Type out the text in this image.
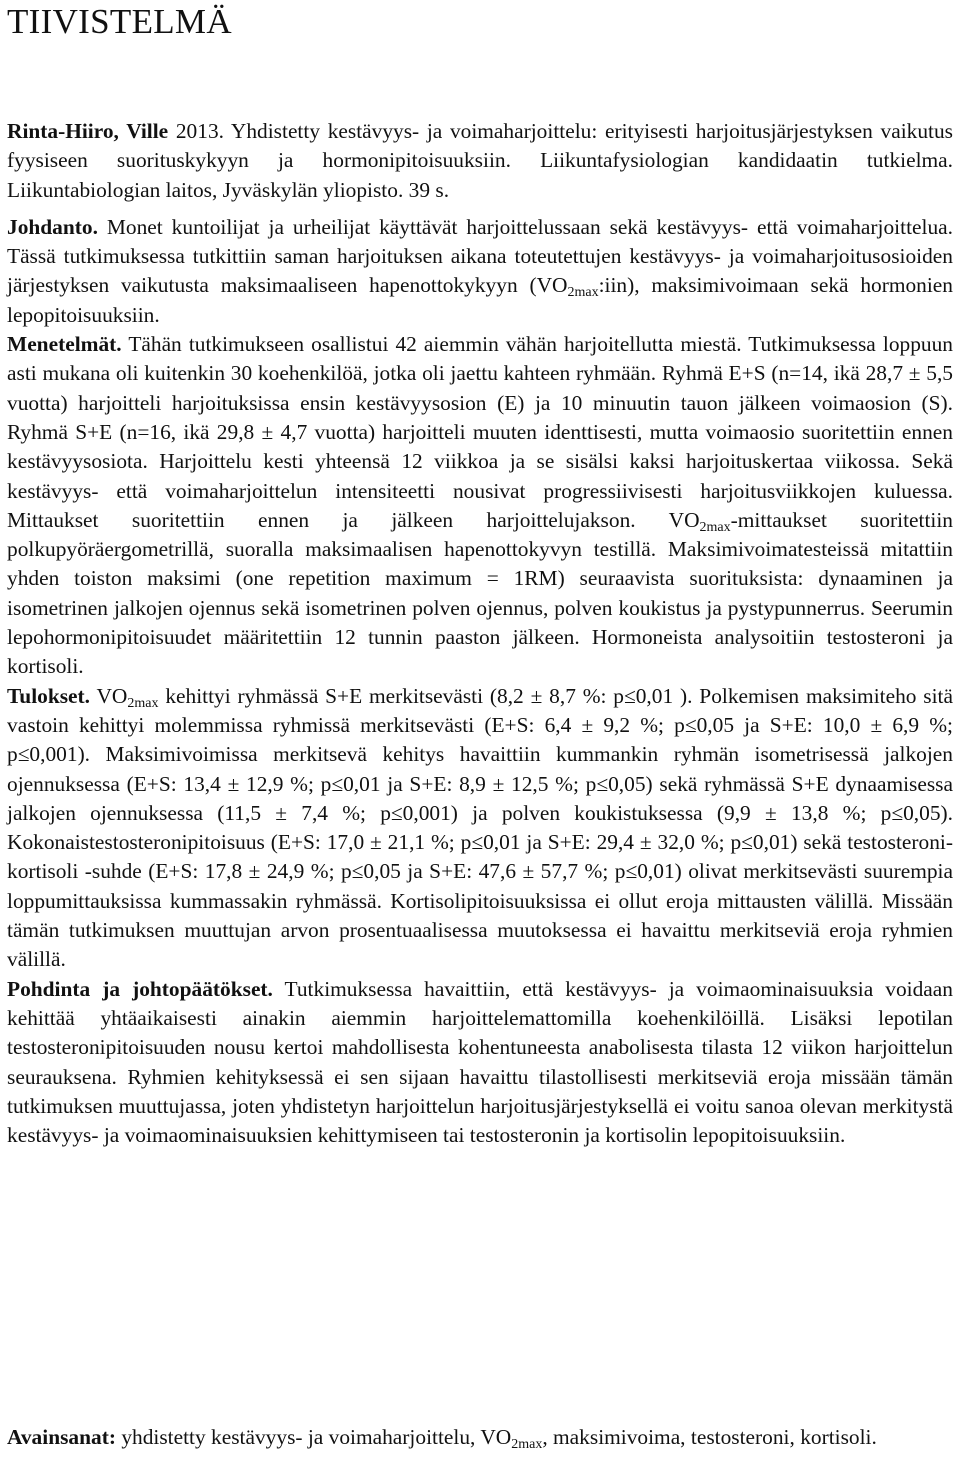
TIIVISTELMÄ

Rinta-Hiiro, Ville 2013. Yhdistetty kestävyys- ja voimaharjoittelu: erityisesti harjoitusjärjestyksen vaikutus fyysiseen suorituskykyyn ja hormonipitoisuuksiin. Liikuntafysiologian kandidaatin tutkielma. Liikuntabiologian laitos, Jyväskylän yliopisto. 39 s.

Johdanto. Monet kuntoilijat ja urheilijat käyttävät harjoittelussaan sekä kestävyys- että voimaharjoittelua. Tässä tutkimuksessa tutkittiin saman harjoituksen aikana toteutettujen kestävyys- ja voimaharjoitusosioiden järjestyksen vaikutusta maksimaaliseen hapenottokykyyn $(VO_{2max}:iin)$, maksimivoimaan sekä hormonien lepopitoisuuksiin.

Menetelmät. Tähän tutkimukseen osallistui 42 aiemmin vähän harjoitellutta miestä. Tutkimuksessa loppuun asti mukana oli kuitenkin 30 koehenkilöä, jotka oli jaettu kahteen ryhmään. Ryhmä E+S (n=14, ikä 28,7 ± 5,5 vuotta) harjoitteli harjoituksissa ensin kestävyysosion (E) ja 10 minuutin tauon jälkeen voimaosion (S). Ryhmä S+E (n=16, ikä 29,8 ± 4,7 vuotta) harjoitteli muuten identtisesti, mutta voimaosio suoritettiin ennen kestävyysosiota. Harjoittelu kesti yhteensä 12 viikkoa ja se sisälsi kaksi harjoituskertaa viikossa. Sekä kestävyys- että voimaharjoittelun intensiteetti nousivat progressiivisesti harjoitusviikkojen kuluessa. Mittaukset suoritettiin ennen ja jälkeen harjoittelujakson. $VO_{2max}$-mittaukset suoritettiin polkupyöräergometrillä, suoralla maksimaalisen hapenottokyvyn testillä. Maksimivoimatesteissä mitattiin yhden toiston maksimi (one repetition maximum = 1RM) seuraavista suorituksista: dynaaminen ja isometrinen jalkojen ojennus sekä isometrinen polven ojennus, polven koukistus ja pystypunnerrus. Seerumin lepohormonipitoisuudet määritettiin 12 tunnin paaston jälkeen. Hormoneista analysoitiin testosteroni ja kortisoli.

Tulokset. $VO_{2max}$ kehittyi ryhmässä S+E merkitsevästi (8,2 ± 8,7 %: p≤0,01 ). Polkemisen maksimiteho sitä vastoin kehittyi molemmissa ryhmissä merkitsevästi (E+S: 6,4 ± 9,2 %; p≤0,05 ja S+E: 10,0 ± 6,9 %; p≤0,001). Maksimivoimissa merkitsevä kehitys havaittiin kummankin ryhmän isometrisessä jalkojen ojennuksessa (E+S: 13,4 ± 12,9 %; p≤0,01 ja S+E: 8,9 ± 12,5 %; p≤0,05) sekä ryhmässä S+E dynaamisessa jalkojen ojennuksessa (11,5 ± 7,4 %; p≤0,001) ja polven koukistuksessa (9,9 ± 13,8 %; p≤0,05). Kokonaistestosteronipitoisuus (E+S: 17,0 ± 21,1 %; p≤0,01 ja S+E: 29,4 ± 32,0 %; p≤0,01) sekä testosteroni-kortisoli -suhde (E+S: 17,8 ± 24,9 %; p≤0,05 ja S+E: 47,6 ± 57,7 %; p≤0,01) olivat merkitsevästi suurempia loppumittauksissa kummassakin ryhmässä. Kortisolipitoisuuksissa ei ollut eroja mittausten välillä. Missään tämän tutkimuksen muuttujan arvon prosentuaalisessa muutoksessa ei havaittu merkitseviä eroja ryhmien välillä.

Pohdinta ja johtopäätökset. Tutkimuksessa havaittiin, että kestävyys- ja voimaominaisuuksia voidaan kehittää yhtäaikaisesti ainakin aiemmin harjoittelemattomilla koehenkilöillä. Lisäksi lepotilan testosteronipitoisuuden nousu kertoi mahdollisesta kohentuneesta anabolisesta tilasta 12 viikon harjoittelun seurauksena. Ryhmien kehityksessä ei sen sijaan havaittu tilastollisesti merkitseviä eroja missään tämän tutkimuksen muuttujassa, joten yhdistetyn harjoittelun harjoitusjärjestyksellä ei voitu sanoa olevan merkitystä kestävyys- ja voimaominaisuuksien kehittymiseen tai testosteronin ja kortisolin lepopitoisuuksiin.

Avainsanat: yhdistetty kestävyys- ja voimaharjoittelu, $VO_{2max}$, maksimivoima, testosteroni, kortisoli.
